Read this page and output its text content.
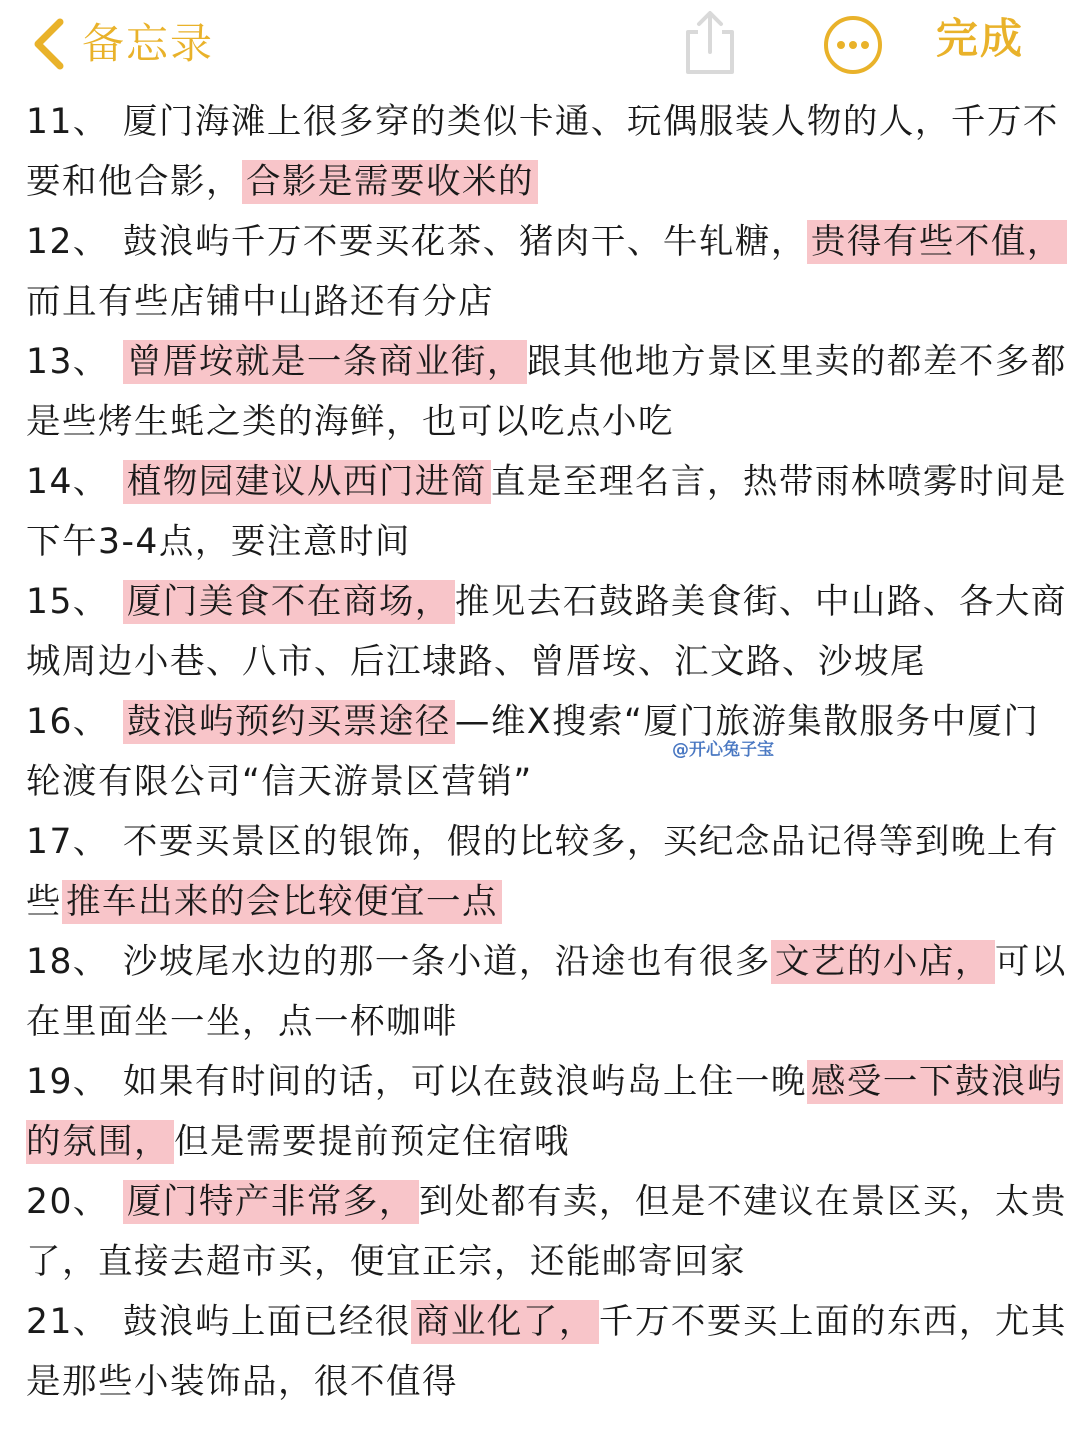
备忘录	完成

11、 厦门海滩上很多穿的类似卡通、玩偶服装人物的人，千万不要和他合影， 合影是需要收米的

12、 鼓浪屿千万不要买花茶、猪肉干、牛轧糖， 贵得有些不值，而且有些店铺中山路还有分店

13、 曾厝垵就是一条商业街， 跟其他地方景区里卖的都差不多都是些烤生蚝之类的海鲜，也可以吃点小吃

14、 植物园建议从西门进简 直是至理名言，热带雨林喷雾时间是下午3-4点，要注意时间

15、 厦门美食不在商场， 推见去石鼓路美食街、中山路、各大商城周边小巷、八市、后江埭路、曾厝垵、汇文路、沙坡尾

16、 鼓浪屿预约买票途径 —维X搜索“厦门旅游集散服务中厦门轮渡有限公司“信天游景区营销”

17、 不要买景区的银饰，假的比较多，买纪念品记得等到晚上有些 推车出来的会比较便宜一点

18、 沙坡尾水边的那一条小道，沿途也有很多 文艺的小店， 可以在里面坐一坐，点一杯咖啡

19、 如果有时间的话，可以在鼓浪屿岛上住一晚 感受一下鼓浪屿的氛围， 但是需要提前预定住宿哦

20、 厦门特产非常多， 到处都有卖，但是不建议在景区买，太贵了，直接去超市买，便宜正宗，还能邮寄回家

21、 鼓浪屿上面已经很 商业化了， 千万不要买上面的东西，尤其是那些小装饰品，很不值得

@开心兔子宝
